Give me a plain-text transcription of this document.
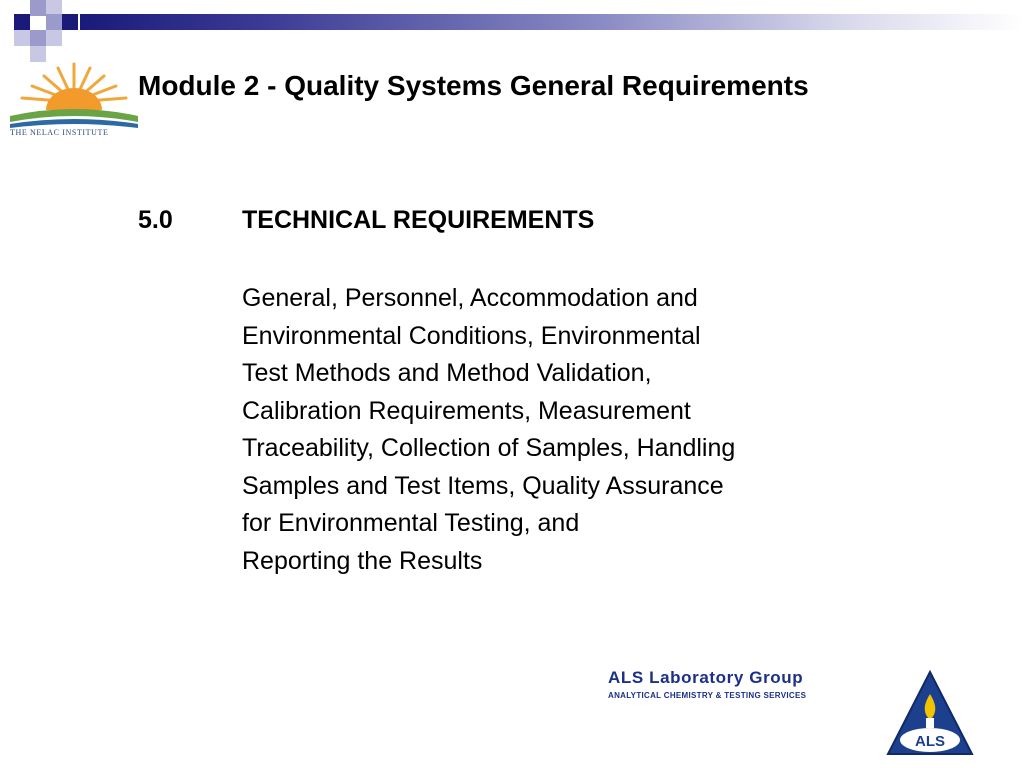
THE NELAC INSTITUTE
Module 2 - Quality Systems General Requirements
5.0	TECHNICAL REQUIREMENTS
General, Personnel, Accommodation and
Environmental Conditions, Environmental
Test Methods and Method Validation,
Calibration Requirements, Measurement
Traceability, Collection of Samples, Handling
Samples and Test Items, Quality Assurance
for Environmental Testing, and
Reporting the Results
ALS Laboratory Group
ANALYTICAL CHEMISTRY & TESTING SERVICES
ALS
